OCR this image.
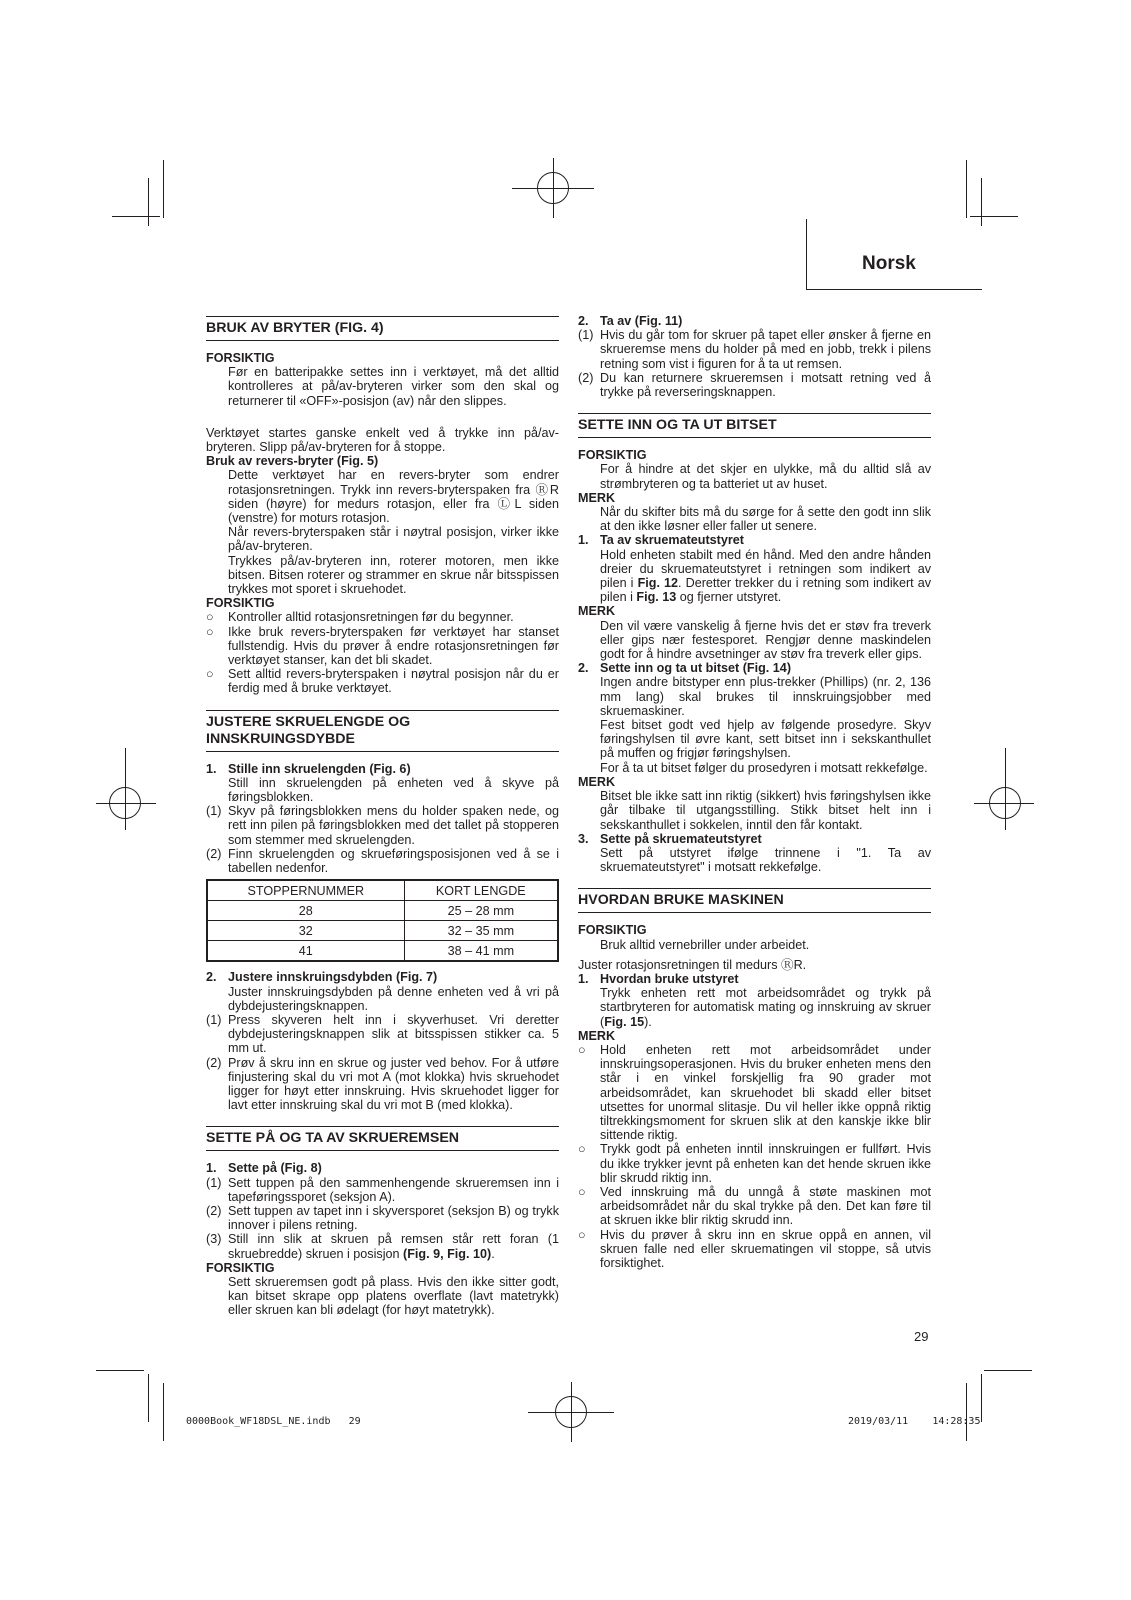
Norsk
BRUK AV BRYTER (FIG. 4)
FORSIKTIG
Før en batteripakke settes inn i verktøyet, må det alltid kontrolleres at på/av-bryteren virker som den skal og returnerer til «OFF»-posisjon (av) når den slippes.
Verktøyet startes ganske enkelt ved å trykke inn på/av-bryteren. Slipp på/av-bryteren for å stoppe.
Bruk av revers-bryter (Fig. 5)
Dette verktøyet har en revers-bryter som endrer rotasjonsretningen. Trykk inn revers-bryterspaken fra ⓇR siden (høyre) for medurs rotasjon, eller fra ⓁL siden (venstre) for moturs rotasjon.
Når revers-bryterspaken står i nøytral posisjon, virker ikke på/av-bryteren.
Trykkes på/av-bryteren inn, roterer motoren, men ikke bitsen. Bitsen roterer og strammer en skrue når bitsspissen trykkes mot sporet i skruehodet.
FORSIKTIG
○ Kontroller alltid rotasjonsretningen før du begynner.
○ Ikke bruk revers-bryterspaken før verktøyet har stanset fullstendig. Hvis du prøver å endre rotasjonsretningen før verktøyet stanser, kan det bli skadet.
○ Sett alltid revers-bryterspaken i nøytral posisjon når du er ferdig med å bruke verktøyet.
JUSTERE SKRUELENGDE OG
INNSKRUINGSDYBDE
1. Stille inn skruelengden (Fig. 6)
Still inn skruelengden på enheten ved å skyve på føringsblokken.
(1) Skyv på føringsblokken mens du holder spaken nede, og rett inn pilen på føringsblokken med det tallet på stopperen som stemmer med skruelengden.
(2) Finn skruelengden og skrueføringsposisjonen ved å se i tabellen nedenfor.
STOPPERNUMMER	KORT LENGDE
28	25 – 28 mm
32	32 – 35 mm
41	38 – 41 mm
2. Justere innskruingsdybden (Fig. 7)
Juster innskruingsdybden på denne enheten ved å vri på dybdejusteringsknappen.
(1) Press skyveren helt inn i skyverhuset. Vri deretter dybdejusteringsknappen slik at bitsspissen stikker ca. 5 mm ut.
(2) Prøv å skru inn en skrue og juster ved behov. For å utføre finjustering skal du vri mot A (mot klokka) hvis skruehodet ligger for høyt etter innskruing. Hvis skruehodet ligger for lavt etter innskruing skal du vri mot B (med klokka).
SETTE PÅ OG TA AV SKRUEREMSEN
1. Sette på (Fig. 8)
(1) Sett tuppen på den sammenhengende skrueremsen inn i tapeføringssporet (seksjon A).
(2) Sett tuppen av tapet inn i skyversporet (seksjon B) og trykk innover i pilens retning.
(3) Still inn slik at skruen på remsen står rett foran (1 skruebredde) skruen i posisjon (Fig. 9, Fig. 10).
FORSIKTIG
Sett skrueremsen godt på plass. Hvis den ikke sitter godt, kan bitset skrape opp platens overflate (lavt matetrykk) eller skruen kan bli ødelagt (for høyt matetrykk).
2. Ta av (Fig. 11)
(1) Hvis du går tom for skruer på tapet eller ønsker å fjerne en skrueremse mens du holder på med en jobb, trekk i pilens retning som vist i figuren for å ta ut remsen.
(2) Du kan returnere skrueremsen i motsatt retning ved å trykke på reverseringsknappen.
SETTE INN OG TA UT BITSET
FORSIKTIG
For å hindre at det skjer en ulykke, må du alltid slå av strømbryteren og ta batteriet ut av huset.
MERK
Når du skifter bits må du sørge for å sette den godt inn slik at den ikke løsner eller faller ut senere.
1. Ta av skruemateutstyret
Hold enheten stabilt med én hånd. Med den andre hånden dreier du skruemateutstyret i retningen som indikert av pilen i Fig. 12. Deretter trekker du i retning som indikert av pilen i Fig. 13 og fjerner utstyret.
MERK
Den vil være vanskelig å fjerne hvis det er støv fra treverk eller gips nær festesporet. Rengjør denne maskindelen godt for å hindre avsetninger av støv fra treverk eller gips.
2. Sette inn og ta ut bitset (Fig. 14)
Ingen andre bitstyper enn plus-trekker (Phillips) (nr. 2, 136 mm lang) skal brukes til innskruingsjobber med skruemaskiner.
Fest bitset godt ved hjelp av følgende prosedyre. Skyv føringshylsen til øvre kant, sett bitset inn i sekskanthullet på muffen og frigjør føringshylsen.
For å ta ut bitset følger du prosedyren i motsatt rekkefølge.
MERK
Bitset ble ikke satt inn riktig (sikkert) hvis føringshylsen ikke går tilbake til utgangsstilling. Stikk bitset helt inn i sekskanthullet i sokkelen, inntil den får kontakt.
3. Sette på skruemateutstyret
Sett på utstyret ifølge trinnene i "1. Ta av skruemateutstyret" i motsatt rekkefølge.
HVORDAN BRUKE MASKINEN
FORSIKTIG
Bruk alltid vernebriller under arbeidet.
Juster rotasjonsretningen til medurs ⓇR.
1. Hvordan bruke utstyret
Trykk enheten rett mot arbeidsområdet og trykk på startbryteren for automatisk mating og innskruing av skruer (Fig. 15).
MERK
○ Hold enheten rett mot arbeidsområdet under innskruingsoperasjonen. Hvis du bruker enheten mens den står i en vinkel forskjellig fra 90 grader mot arbeidsområdet, kan skruehodet bli skadd eller bitset utsettes for unormal slitasje. Du vil heller ikke oppnå riktig tiltrekkingsmoment for skruen slik at den kanskje ikke blir sittende riktig.
○ Trykk godt på enheten inntil innskruingen er fullført. Hvis du ikke trykker jevnt på enheten kan det hende skruen ikke blir skrudd riktig inn.
○ Ved innskruing må du unngå å støte maskinen mot arbeidsområdet når du skal trykke på den. Det kan føre til at skruen ikke blir riktig skrudd inn.
○ Hvis du prøver å skru inn en skrue oppå en annen, vil skruen falle ned eller skruematingen vil stoppe, så utvis forsiktighet.
29
0000Book_WF18DSL_NE.indb 29	2019/03/11 14:28:35
